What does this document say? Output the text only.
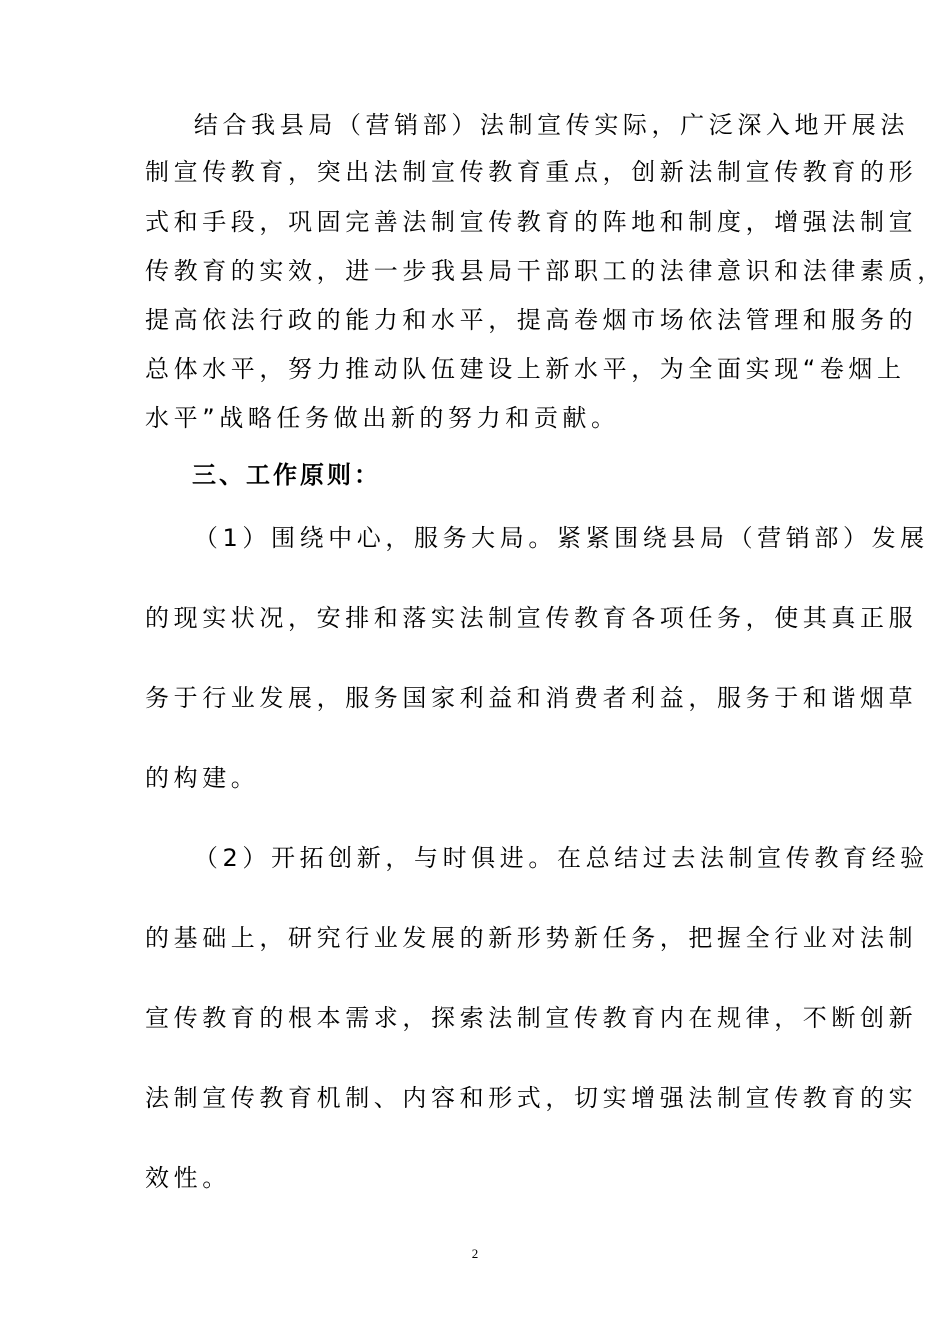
结合我县局（营销部）法制宣传实际，广泛深入地开展法
制宣传教育，突出法制宣传教育重点，创新法制宣传教育的形
式和手段，巩固完善法制宣传教育的阵地和制度，增强法制宣
传教育的实效，进一步我县局干部职工的法律意识和法律素质，
提高依法行政的能力和水平，提高卷烟市场依法管理和服务的
总体水平，努力推动队伍建设上新水平，为全面实现“卷烟上
水平”战略任务做出新的努力和贡献。
三、工作原则：
（1）围绕中心，服务大局。紧紧围绕县局（营销部）发展
的现实状况，安排和落实法制宣传教育各项任务，使其真正服
务于行业发展，服务国家利益和消费者利益，服务于和谐烟草
的构建。
（2）开拓创新，与时俱进。在总结过去法制宣传教育经验
的基础上，研究行业发展的新形势新任务，把握全行业对法制
宣传教育的根本需求，探索法制宣传教育内在规律，不断创新
法制宣传教育机制、内容和形式，切实增强法制宣传教育的实
效性。
2
